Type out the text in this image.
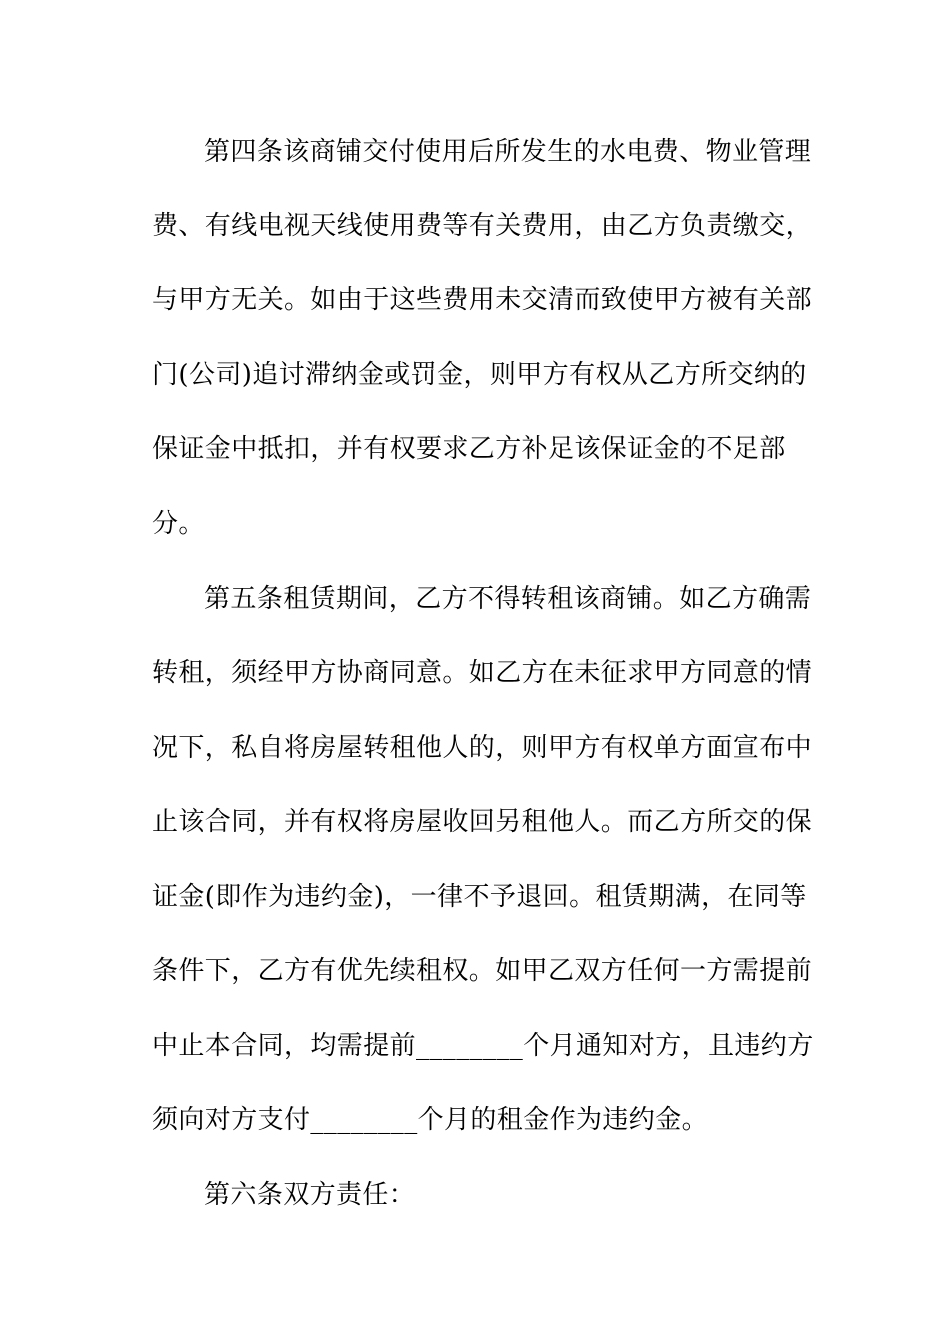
第四条该商铺交付使用后所发生的水电费、物业管理
费、有线电视天线使用费等有关费用，由乙方负责缴交，
与甲方无关。如由于这些费用未交清而致使甲方被有关部
门(公司)追讨滞纳金或罚金，则甲方有权从乙方所交纳的
保证金中抵扣，并有权要求乙方补足该保证金的不足部
分。
第五条租赁期间，乙方不得转租该商铺。如乙方确需
转租，须经甲方协商同意。如乙方在未征求甲方同意的情
况下，私自将房屋转租他人的，则甲方有权单方面宣布中
止该合同，并有权将房屋收回另租他人。而乙方所交的保
证金(即作为违约金)，一律不予退回。租赁期满，在同等
条件下，乙方有优先续租权。如甲乙双方任何一方需提前
中止本合同，均需提前________个月通知对方，且违约方
须向对方支付________个月的租金作为违约金。
第六条双方责任：
